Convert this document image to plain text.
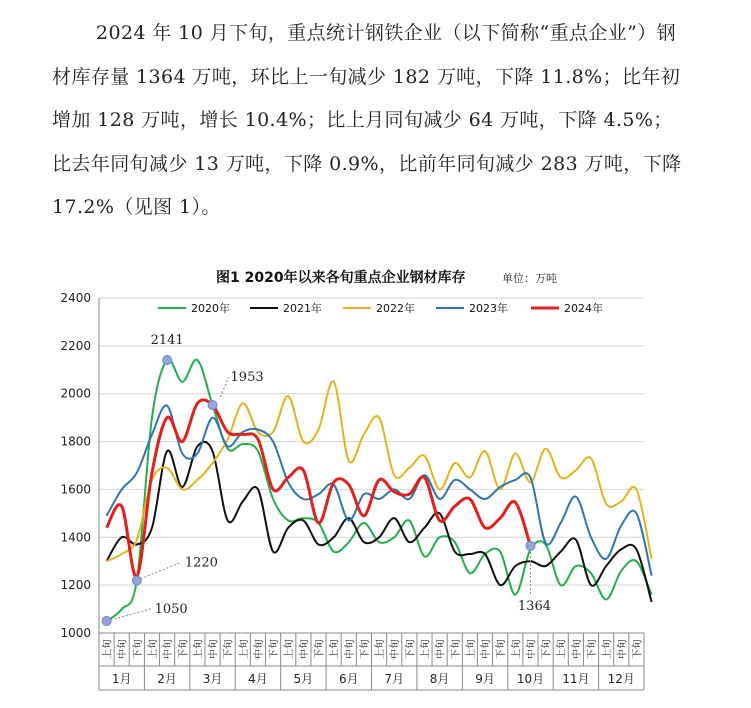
2024 年 10 月下旬，重点统计钢铁企业（以下简称“重点企业”）钢材库存量 1364 万吨，环比上一旬减少 182 万吨，下降 11.8%；比年初增加 128 万吨，增长 10.4%；比上月同旬减少 64 万吨，下降 4.5%；比去年同旬减少 13 万吨，下降 0.9%，比前年同旬减少 283 万吨，下降 17.2%（见图 1）。

图1 2020年以来各旬重点企业钢材库存	单位：万吨
1000
1200
1400
1600
1800
2000
2200
2400
上旬 中旬 下旬 上旬 中旬 下旬 上旬 中旬 下旬 上旬 中旬 下旬 上旬 中旬 下旬 上旬 中旬 下旬 上旬 中旬 下旬 上旬 中旬 下旬 上旬 中旬 下旬 上旬 中旬 下旬 上旬 中旬 下旬 上旬 中旬 下旬
1月 2月 3月 4月 5月 6月 7月 8月 9月 10月 11月 12月
2141
1953
1220
1050	1364
2020年	2021年	2022年	2023年	2024年
